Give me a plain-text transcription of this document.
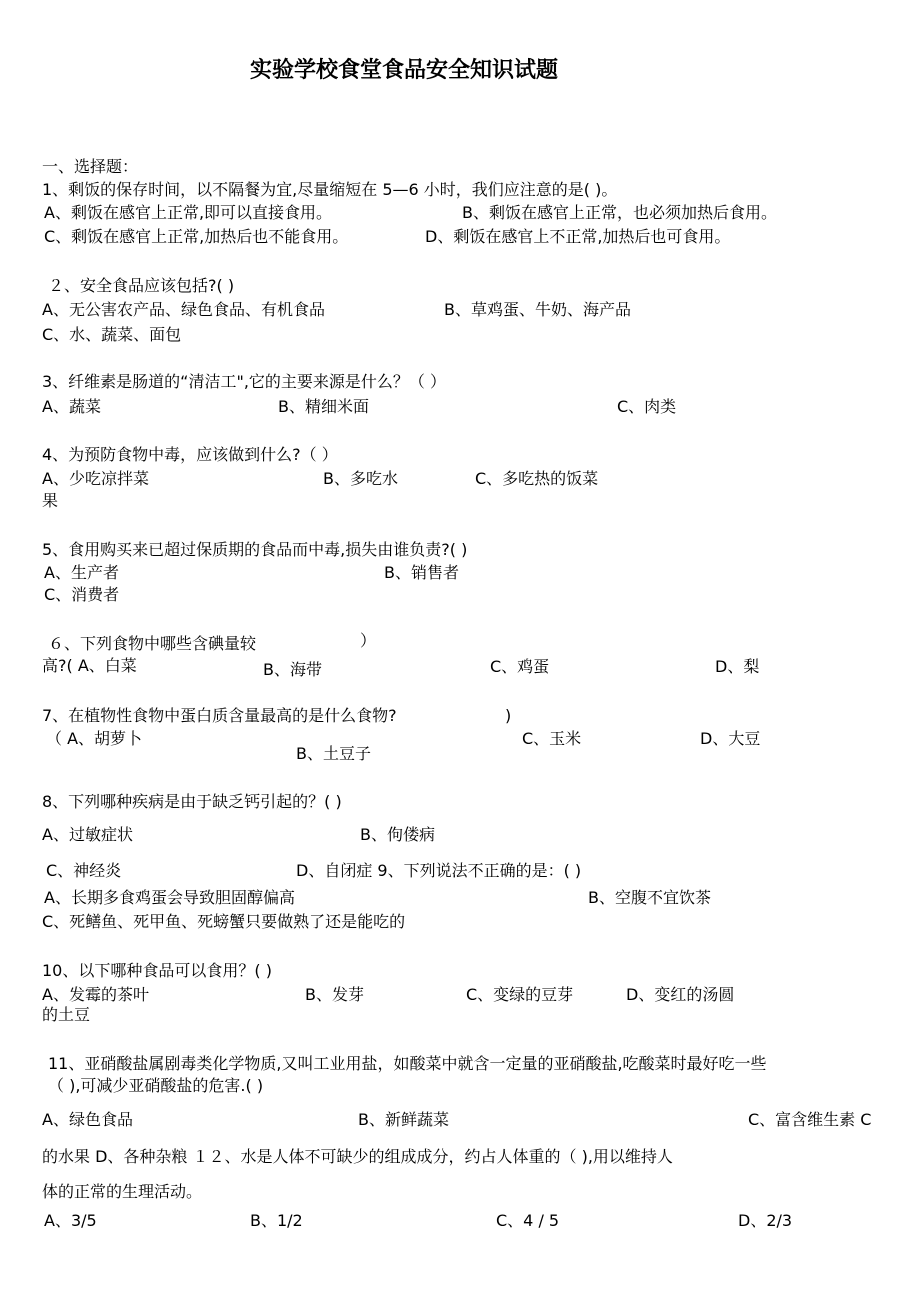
实验学校食堂食品安全知识试题
一、选择题：
1、剩饭的保存时间，以不隔餐为宜,尽量缩短在 5—6 小时，我们应注意的是( )。
A、剩饭在感官上正常,即可以直接食用。	B、剩饭在感官上正常，也必须加热后食用。
C、剩饭在感官上正常,加热后也不能食用。	D、剩饭在感官上不正常,加热后也可食用。
２、安全食品应该包括?( )
A、无公害农产品、绿色食品、有机食品	B、草鸡蛋、牛奶、海产品
C、水、蔬菜、面包
3、纤维素是肠道的“清洁工",它的主要来源是什么？（ ）
A、蔬菜	B、精细米面	C、肉类
4、为预防食物中毒，应该做到什么?（ ）
A、少吃凉拌菜	B、多吃水	C、多吃热的饭菜
果
5、食用购买来已超过保质期的食品而中毒,损失由谁负责?( )
A、生产者	B、销售者
C、消费者
６、下列食物中哪些含碘量较	）
高?( A、白菜	B、海带	C、鸡蛋	D、梨
7、在植物性食物中蛋白质含量最高的是什么食物?	)
（ A、胡萝卜
B、土豆子
C、玉米	D、大豆
8、下列哪种疾病是由于缺乏钙引起的？( )
A、过敏症状	B、佝偻病
C、神经炎	D、自闭症 9、下列说法不正确的是：( )
A、长期多食鸡蛋会导致胆固醇偏高	B、空腹不宜饮茶
C、死鳝鱼、死甲鱼、死螃蟹只要做熟了还是能吃的
10、以下哪种食品可以食用？( )
A、发霉的茶叶	B、发芽	C、变绿的豆芽	D、变红的汤圆
的土豆
11、亚硝酸盐属剧毒类化学物质,又叫工业用盐，如酸菜中就含一定量的亚硝酸盐,吃酸菜时最好吃一些
（ ),可减少亚硝酸盐的危害.( )
A、绿色食品	B、新鲜蔬菜	C、富含维生素 C
的水果 D、各种杂粮 １２、水是人体不可缺少的组成成分，约占人体重的（ ),用以维持人
体的正常的生理活动。
A、3/5	B、1/2	C、4 / 5	D、2/3
